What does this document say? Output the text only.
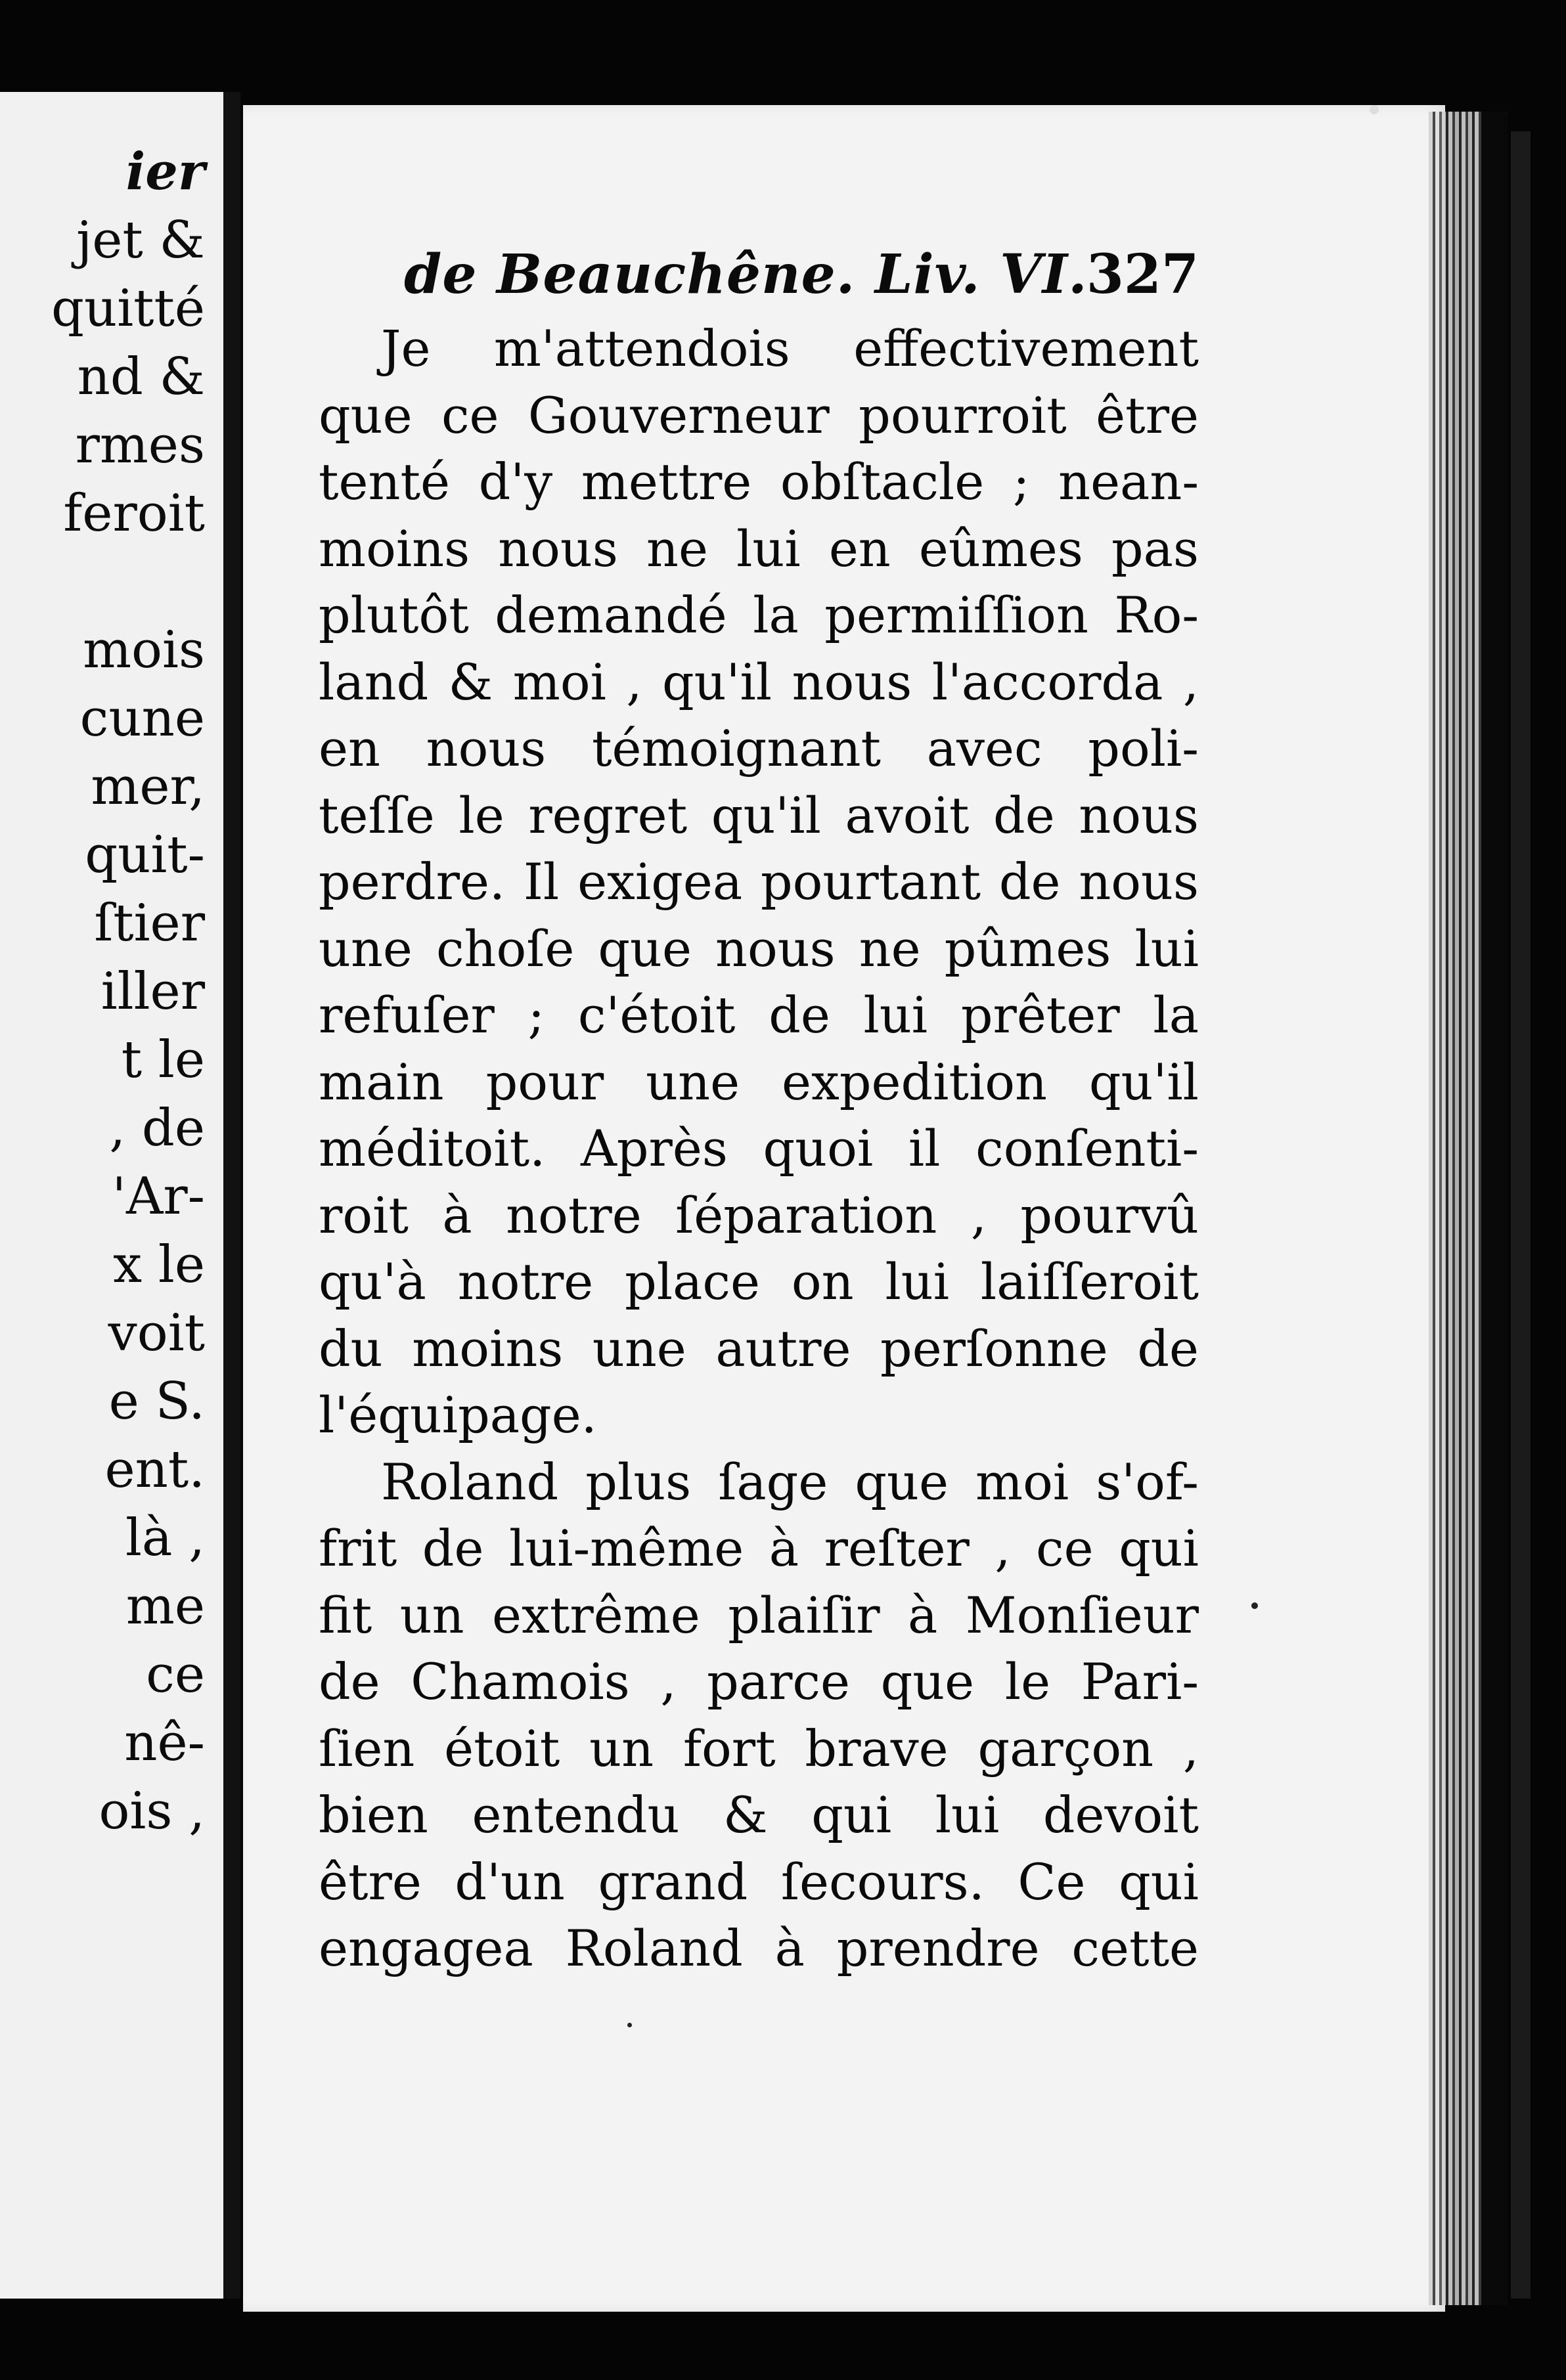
ier
jet &
quitté
nd &
rmes
feroit
mois
cune
mer,
quit-
ſtier
iller
t le
, de
'Ar-
x le
voit
e S.
ent.
là ,
me
ce
nê-
ois ,
de Beauchêne. Liv. VI.
327
Je m'attendois effectivement
que ce Gouverneur pourroit être
tenté d'y mettre obſtacle ; nean-
moins nous ne lui en eûmes pas
plutôt demandé la permiſſion Ro-
land & moi , qu'il nous l'accorda ,
en nous témoignant avec poli-
teſſe le regret qu'il avoit de nous
perdre. Il exigea pourtant de nous
une choſe que nous ne pûmes lui
refuſer ; c'étoit de lui prêter la
main pour une expedition qu'il
méditoit. Après quoi il conſenti-
roit à notre ſéparation , pourvû
qu'à notre place on lui laiſſeroit
du moins une autre perſonne de
l'équipage.
Roland plus ſage que moi s'of-
frit de lui-même à reſter , ce qui
fit un extrême plaiſir à Monſieur
de Chamois , parce que le Pari-
ſien étoit un fort brave garçon ,
bien entendu & qui lui devoit
être d'un grand ſecours. Ce qui
engagea Roland à prendre cette
